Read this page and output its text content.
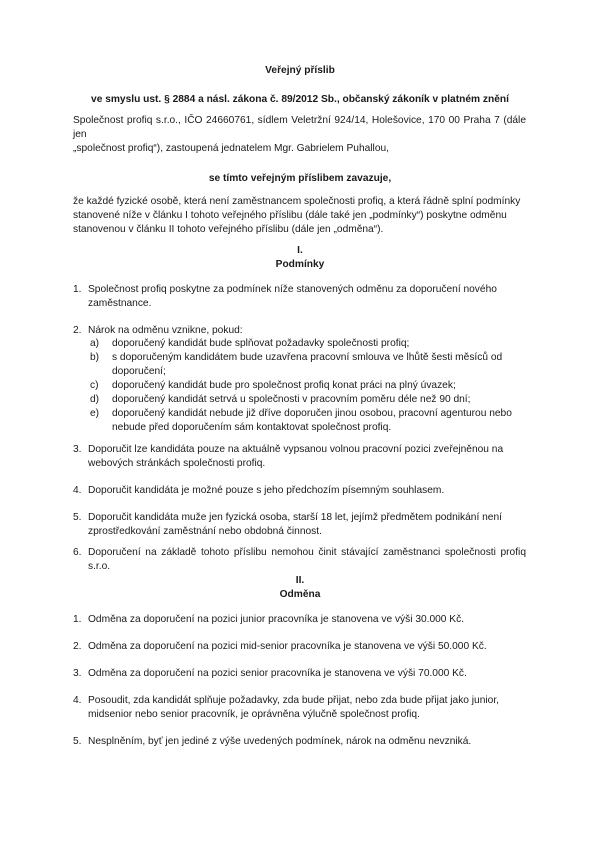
Veřejný příslib
ve smyslu ust. § 2884 a násl. zákona č. 89/2012 Sb., občanský zákoník v platném znění
Společnost profiq s.r.o., IČO 24660761, sídlem Veletržní 924/14, Holešovice, 170 00 Praha 7 (dále jen
„společnost profiq“), zastoupená jednatelem Mgr. Gabrielem Puhallou,
se tímto veřejným příslibem zavazuje,
že každé fyzické osobě, která není zaměstnancem společnosti profiq, a která řádně splní podmínky
stanovené níže v článku I tohoto veřejného příslibu (dále také jen „podmínky“) poskytne odměnu
stanovenou v článku II tohoto veřejného příslibu (dále jen „odměna“).
I.
Podmínky
1. Společnost profiq poskytne za podmínek níže stanovených odměnu za doporučení nového
zaměstnance.
2. Nárok na odměnu vznikne, pokud:
a) doporučený kandidát bude splňovat požadavky společnosti profiq;
b) s doporučeným kandidátem bude uzavřena pracovní smlouva ve lhůtě šesti měsíců od
doporučení;
c) doporučený kandidát bude pro společnost profiq konat práci na plný úvazek;
d) doporučený kandidát setrvá u společnosti v pracovním poměru déle než 90 dní;
e) doporučený kandidát nebude již dříve doporučen jinou osobou, pracovní agenturou nebo
nebude před doporučením sám kontaktovat společnost profiq.
3. Doporučit lze kandidáta pouze na aktuálně vypsanou volnou pracovní pozici zveřejněnou na
webových stránkách společnosti profiq.
4. Doporučit kandidáta je možné pouze s jeho předchozím písemným souhlasem.
5. Doporučit kandidáta muže jen fyzická osoba, starší 18 let, jejímž předmětem podnikání není
zprostředkování zaměstnání nebo obdobná činnost.
6. Doporučení na základě tohoto příslibu nemohou činit stávající zaměstnanci společnosti profiq s.r.o.
II.
Odměna
1. Odměna za doporučení na pozici junior pracovníka je stanovena ve výši 30.000 Kč.
2. Odměna za doporučení na pozici mid-senior pracovníka je stanovena ve výši 50.000 Kč.
3. Odměna za doporučení na pozici senior pracovníka je stanovena ve výši 70.000 Kč.
4. Posoudit, zda kandidát splňuje požadavky, zda bude přijat, nebo zda bude přijat jako junior,
midsenior nebo senior pracovník, je oprávněna výlučně společnost profiq.
5. Nesplněním, byť jen jediné z výše uvedených podmínek, nárok na odměnu nevzniká.
